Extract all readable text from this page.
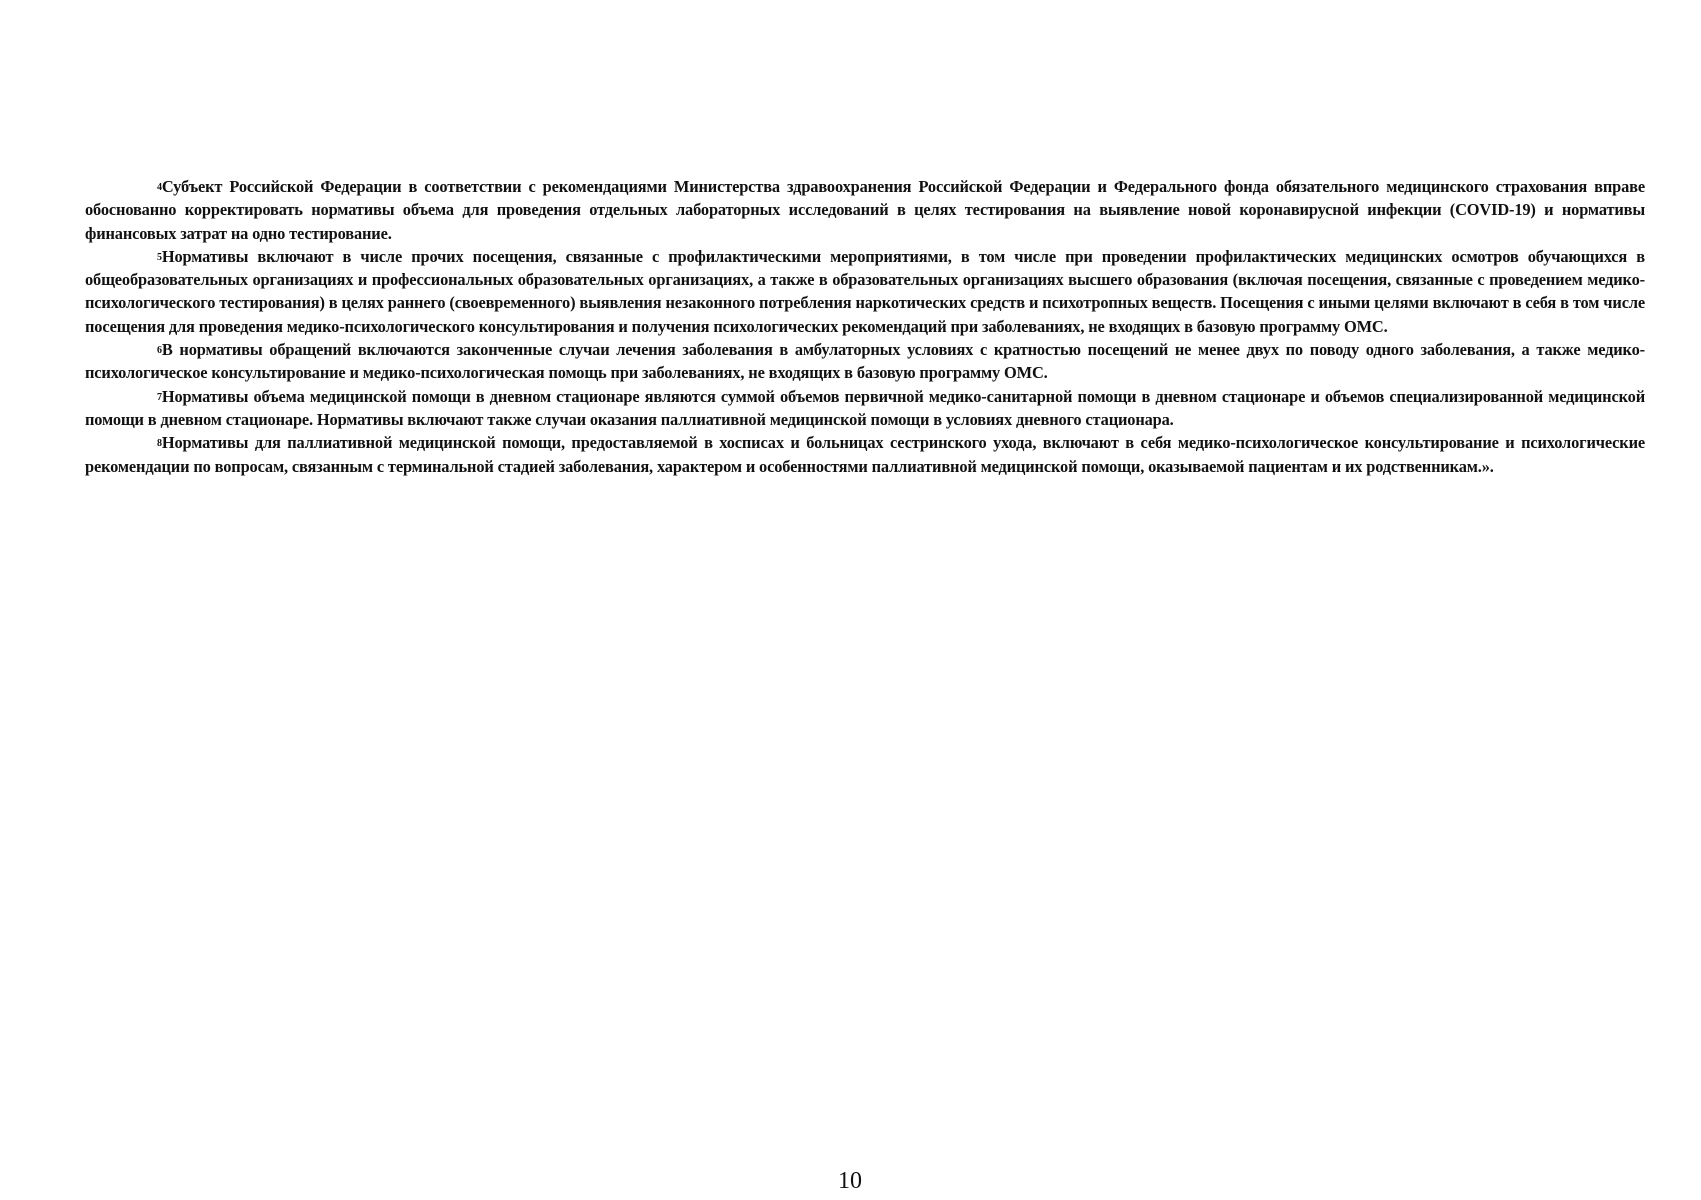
$^4$Субъект Российской Федерации в соответствии с рекомендациями Министерства здравоохранения Российской Федерации и Федерального фонда обязательного медицинского страхования вправе обоснованно корректировать нормативы объема для проведения отдельных лабораторных исследований в целях тестирования на выявление новой коронавирусной инфекции (COVID-19) и нормативы финансовых затрат на одно тестирование.

$^5$Нормативы включают в числе прочих посещения, связанные с профилактическими мероприятиями, в том числе при проведении профилактических медицинских осмотров обучающихся в общеобразовательных организациях и профессиональных образовательных организациях, а также в образовательных организациях высшего образования (включая посещения, связанные с проведением медико-психологического тестирования) в целях раннего (своевременного) выявления незаконного потребления наркотических средств и психотропных веществ. Посещения с иными целями включают в себя в том числе посещения для проведения медико-психологического консультирования и получения психологических рекомендаций при заболеваниях, не входящих в базовую программу ОМС.

$^6$В нормативы обращений включаются законченные случаи лечения заболевания в амбулаторных условиях с кратностью посещений не менее двух по поводу одного заболевания, а также медико-психологическое консультирование и медико-психологическая помощь при заболеваниях, не входящих в базовую программу ОМС.

$^7$Нормативы объема медицинской помощи в дневном стационаре являются суммой объемов первичной медико-санитарной помощи в дневном стационаре и объемов специализированной медицинской помощи в дневном стационаре. Нормативы включают также случаи оказания паллиативной медицинской помощи в условиях дневного стационара.

$^8$Нормативы для паллиативной медицинской помощи, предоставляемой в хосписах и больницах сестринского ухода, включают в себя медико-психологическое консультирование и психологические рекомендации по вопросам, связанным с терминальной стадией заболевания, характером и особенностями паллиативной медицинской помощи, оказываемой пациентам и их родственникам.».

10
